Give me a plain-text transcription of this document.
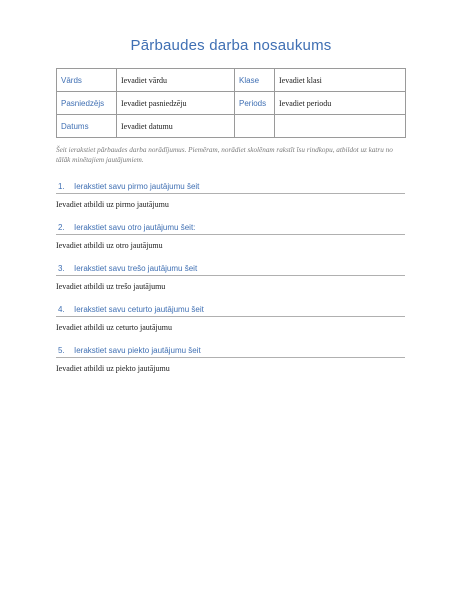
Pārbaudes darba nosaukums
Vārds	Ievadiet vārdu	Klase	Ievadiet klasi
Pasniedzējs	Ievadiet pasniedzēju	Periods	Ievadiet periodu
Datums	Ievadiet datumu		
Šeit ierakstiet pārbaudes darba norādījumus. Piemēram, norādiet skolēnam rakstīt īsu rindkopu, atbildot uz katru no tālāk minētajiem jautājumiem.
1. Ierakstiet savu pirmo jautājumu šeit
Ievadiet atbildi uz pirmo jautājumu
2. Ierakstiet savu otro jautājumu šeit:
Ievadiet atbildi uz otro jautājumu
3. Ierakstiet savu trešo jautājumu šeit
Ievadiet atbildi uz trešo jautājumu
4. Ierakstiet savu ceturto jautājumu šeit
Ievadiet atbildi uz ceturto jautājumu
5. Ierakstiet savu piekto jautājumu šeit
Ievadiet atbildi uz piekto jautājumu
